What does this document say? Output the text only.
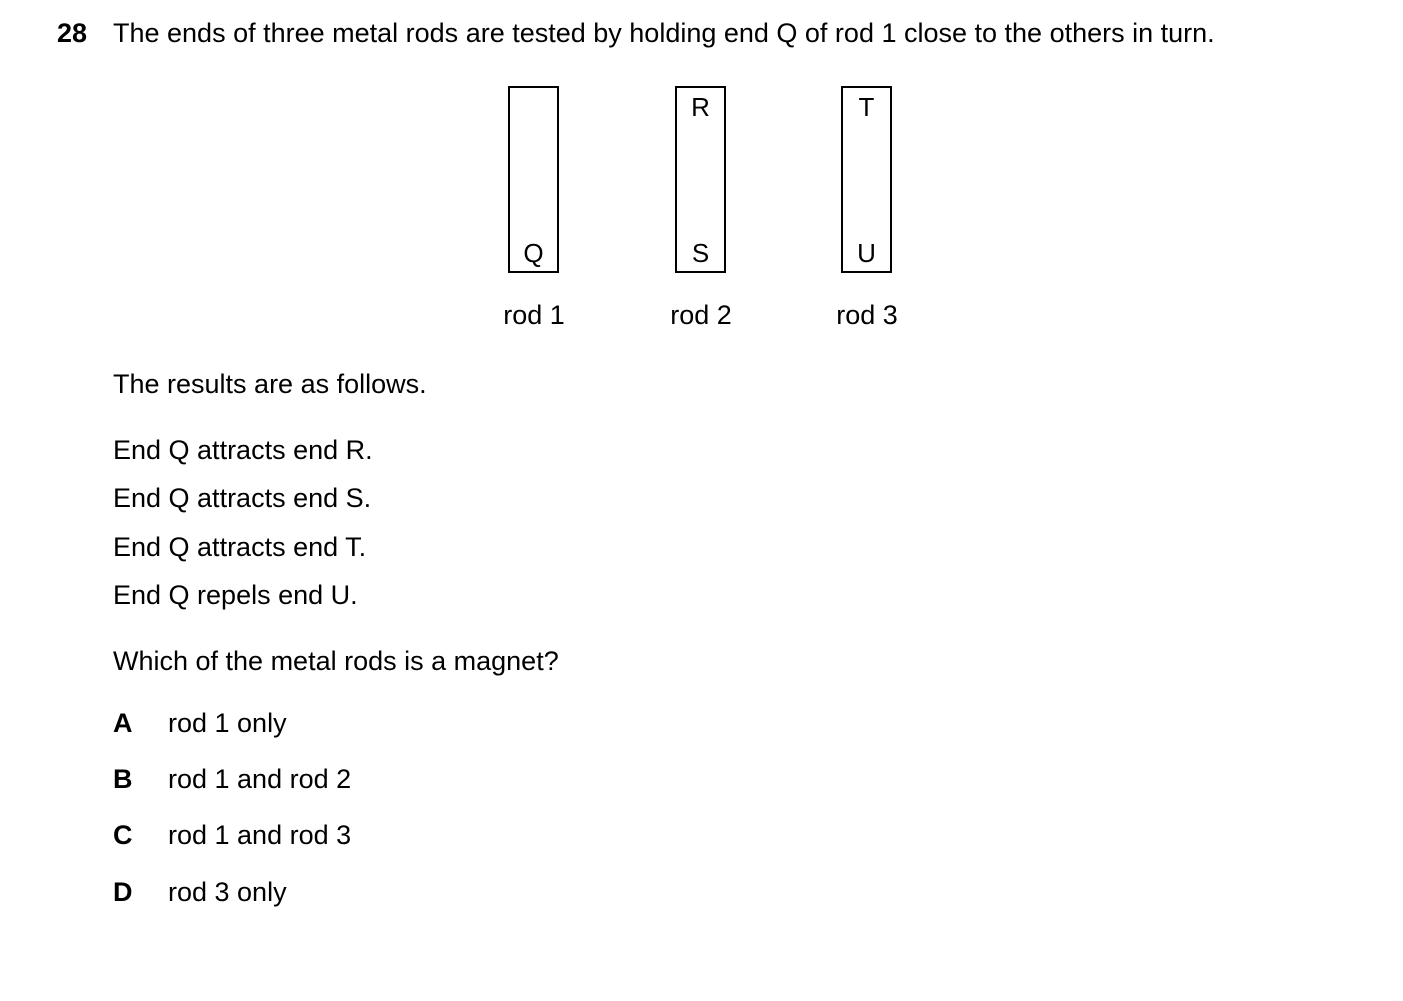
28 The ends of three metal rods are tested by holding end Q of rod 1 close to the others in turn.
Q
R
S
T
U
rod 1	rod 2	rod 3
The results are as follows.
End Q attracts end R.
End Q attracts end S.
End Q attracts end T.
End Q repels end U.
Which of the metal rods is a magnet?
A rod 1 only
B rod 1 and rod 2
C rod 1 and rod 3
D rod 3 only
